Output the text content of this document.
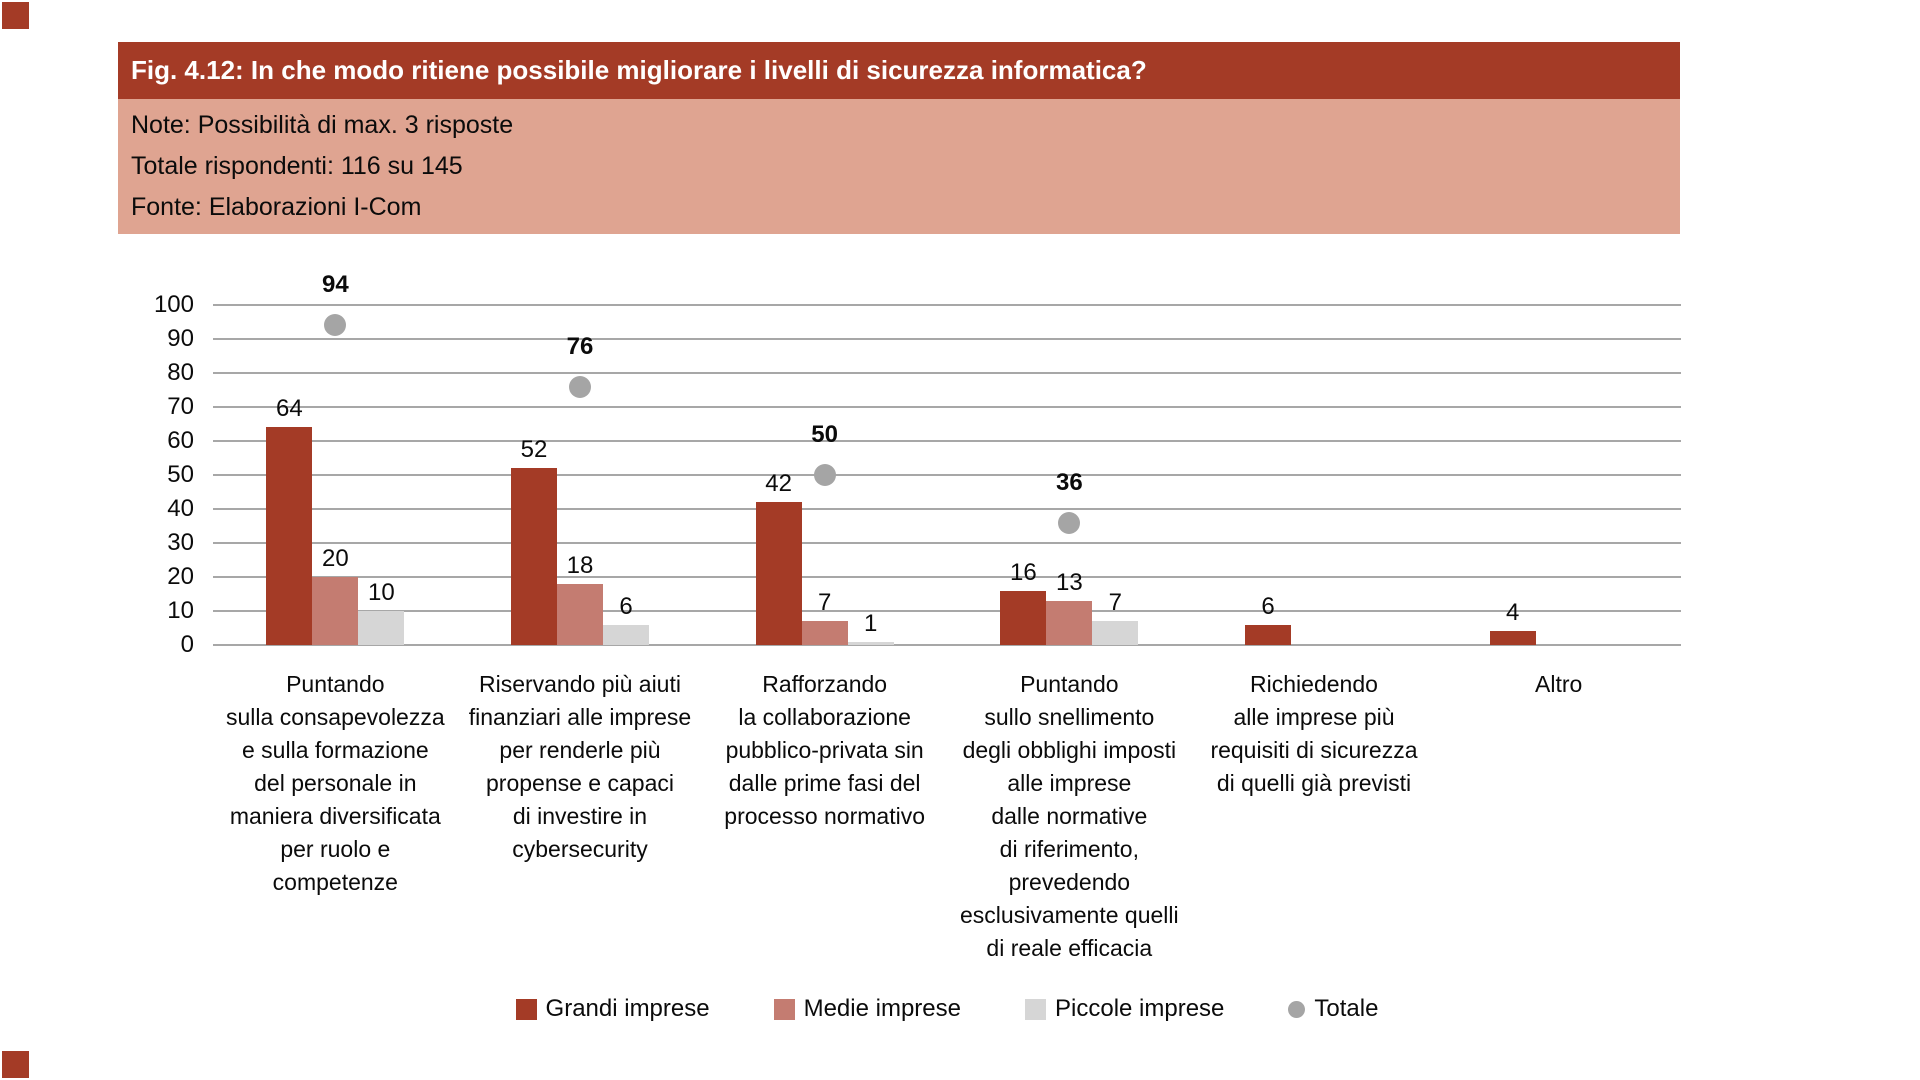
Fig. 4.12: In che modo ritiene possibile migliorare i livelli di sicurezza informatica?
Note: Possibilità di max. 3 risposte
Totale rispondenti: 116 su 145
Fonte: Elaborazioni I-Com
0
10
20
30
40
50
60
70
80
90
100
64
52
42
16
6	4
20	18
7
13
10
6
1
7
94
76
50
36
Puntando
sulla consapevolezza
e sulla formazione
del personale in
maniera diversificata
per ruolo e
competenze
Riservando più aiuti
finanziari alle imprese
per renderle più
propense e capaci
di investire in
cybersecurity
Rafforzando
la collaborazione
pubblico-privata sin
dalle prime fasi del
processo normativo
Puntando
sullo snellimento
degli obblighi imposti
alle imprese
dalle normative
di riferimento,
prevedendo
esclusivamente quelli
di reale efficacia
Richiedendo
alle imprese più
requisiti di sicurezza
di quelli già previsti
Altro
Grandi imprese	Medie imprese	Piccole imprese	Totale
